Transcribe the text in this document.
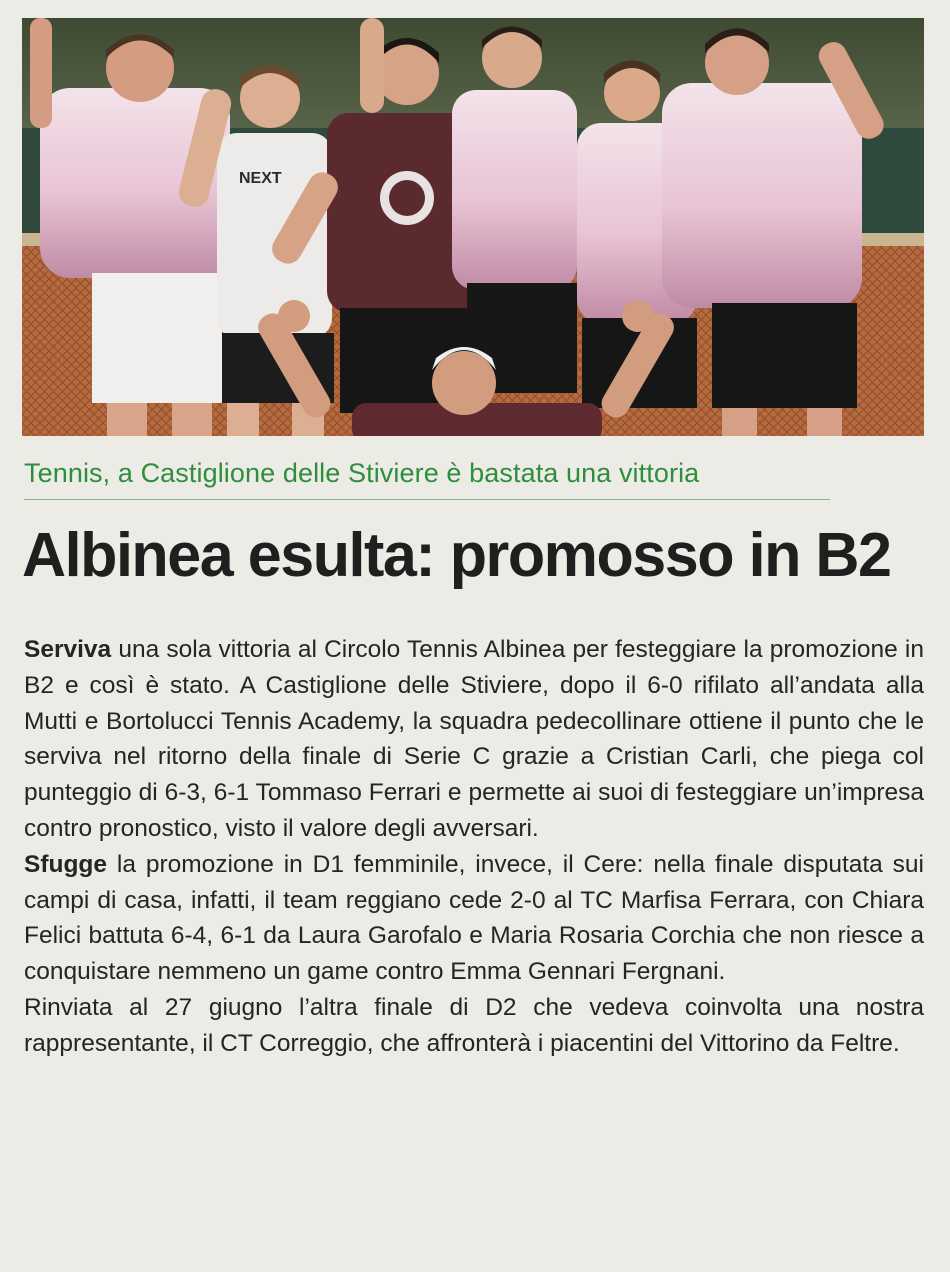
NEXT
Tennis, a Castiglione delle Stiviere è bastata una vittoria
Albinea esulta: promosso in B2

Serviva una sola vittoria al Circolo Tennis Albinea per festeggiare la promozione in B2 e così è stato. A Castiglione delle Stiviere, dopo il 6-0 rifilato all’andata alla Mutti e Bortolucci Tennis Academy, la squadra pedecollinare ottiene il punto che le serviva nel ritorno della finale di Serie C grazie a Cristian Carli, che piega col punteggio di 6-3, 6-1 Tommaso Ferrari e permette ai suoi di festeggiare un’impresa contro pronostico, visto il valore degli avversari.

Sfugge la promozione in D1 femminile, invece, il Cere: nella finale disputata sui campi di casa, infatti, il team reggiano cede 2-0 al TC Marfisa Ferrara, con Chiara Felici battuta 6-4, 6-1 da Laura Garofalo e Maria Rosaria Corchia che non riesce a conquistare nemmeno un game contro Emma Gennari Fergnani.

Rinviata al 27 giugno l’altra finale di D2 che vedeva coinvolta una nostra rappresentante, il CT Correggio, che affronterà i piacentini del Vittorino da Feltre.
